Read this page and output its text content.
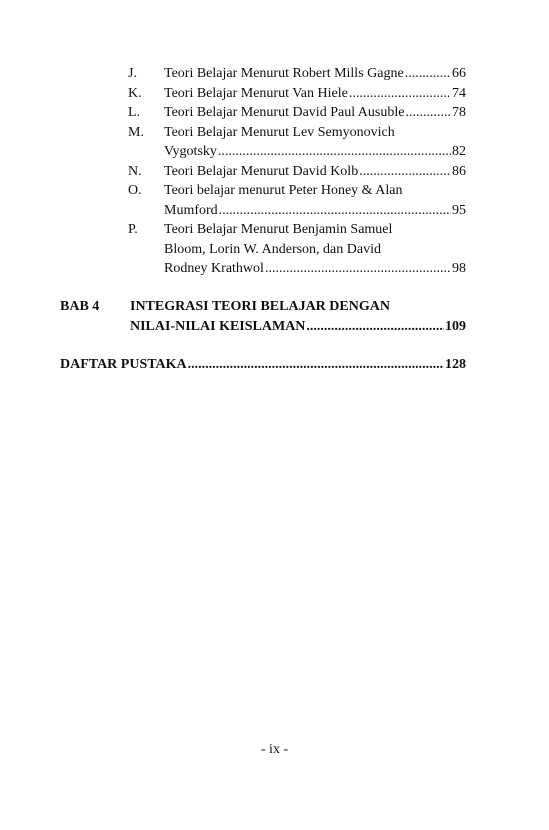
J. Teori Belajar Menurut Robert Mills Gagne .....	66
K. Teori Belajar Menurut Van Hiele .....	74
L. Teori Belajar Menurut David Paul Ausuble .....	78
M. Teori Belajar Menurut Lev Semyonovich
Vygotsky .....	82
N. Teori Belajar Menurut David Kolb .....	86
O. Teori belajar menurut Peter Honey & Alan
Mumford .....	95
P. Teori Belajar Menurut Benjamin Samuel
Bloom, Lorin W. Anderson, dan David
Rodney Krathwol .....	98
BAB 4 INTEGRASI TEORI BELAJAR DENGAN
NILAI-NILAI KEISLAMAN .....	109
DAFTAR PUSTAKA .....	128
- ix -
